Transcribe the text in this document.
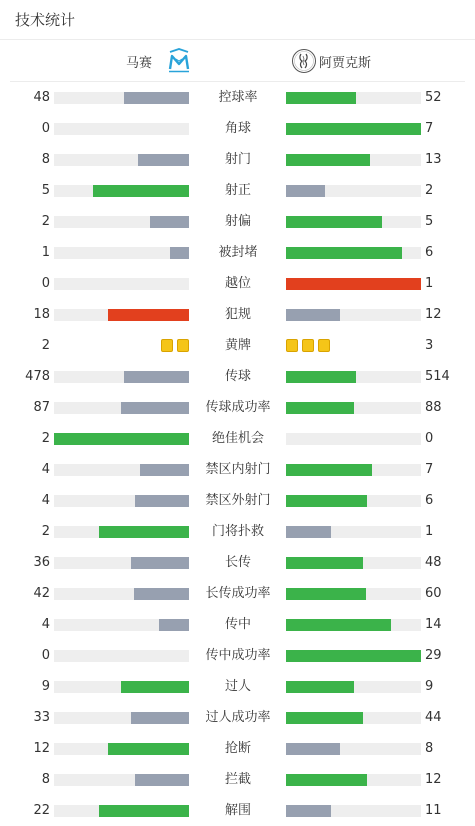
技术统计
马赛	阿贾克斯
48	控球率	52
0	角球	7
8	射门	13
5	射正	2
2	射偏	5
1	被封堵	6
0	越位	1
18	犯规	12
2	黄牌	3
478	传球	514
87	传球成功率	88
2	绝佳机会	0
4	禁区内射门	7
4	禁区外射门	6
2	门将扑救	1
36	长传	48
42	长传成功率	60
4	传中	14
0	传中成功率	29
9	过人	9
33	过人成功率	44
12	抢断	8
8	拦截	12
22	解围	11
